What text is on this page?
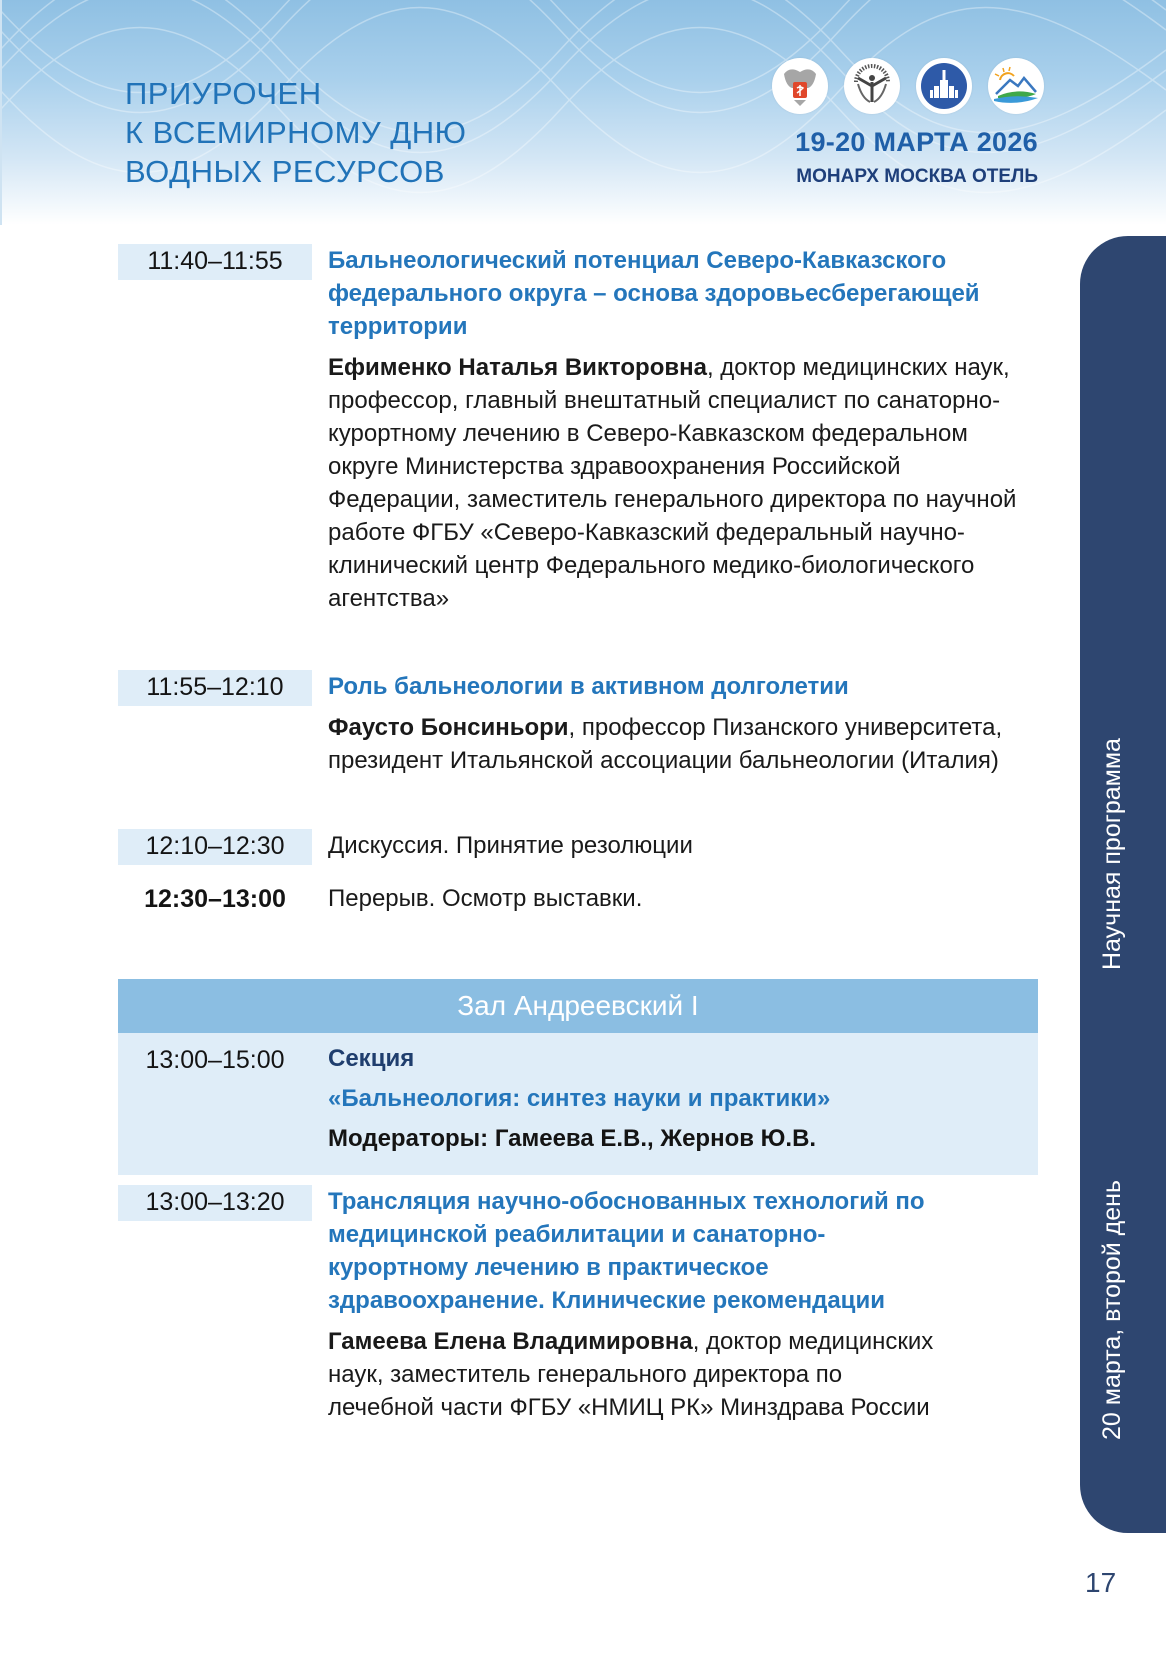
ПРИУРОЧЕН
К ВСЕМИРНОМУ ДНЮ
ВОДНЫХ РЕСУРСОВ
19-20 МАРТА 2026
МОНАРХ МОСКВА ОТЕЛЬ
Научная программа
20 марта, второй день
11:40–11:55	Бальнеологический потенциал Северо-Кавказского федерального округа – основа здоровьесберегающей территории
Ефименко Наталья Викторовна, доктор медицинских наук, профессор, главный внештатный специалист по санаторно-курортному лечению в Северо-Кавказском федеральном округе Министерства здравоохранения Российской Федерации, заместитель генерального директора по научной работе ФГБУ «Северо-Кавказский федеральный научно-клинический центр Федерального медико-биологического агентства»
11:55–12:10	Роль бальнеологии в активном долголетии
Фаусто Бонсиньори, профессор Пизанского университета, президент Итальянской ассоциации бальнеологии (Италия)
12:10–12:30	Дискуссия. Принятие резолюции
12:30–13:00	Перерыв. Осмотр выставки.
Зал Андреевский I
13:00–15:00	Секция
«Бальнеология: синтез науки и практики»
Модераторы: Гамеева Е.В., Жернов Ю.В.
13:00–13:20	Трансляция научно-обоснованных технологий по медицинской реабилитации и санаторно-курортному лечению в практическое здравоохранение. Клинические рекомендации
Гамеева Елена Владимировна, доктор медицинских наук, заместитель генерального директора по лечебной части ФГБУ «НМИЦ РК» Минздрава России
17
